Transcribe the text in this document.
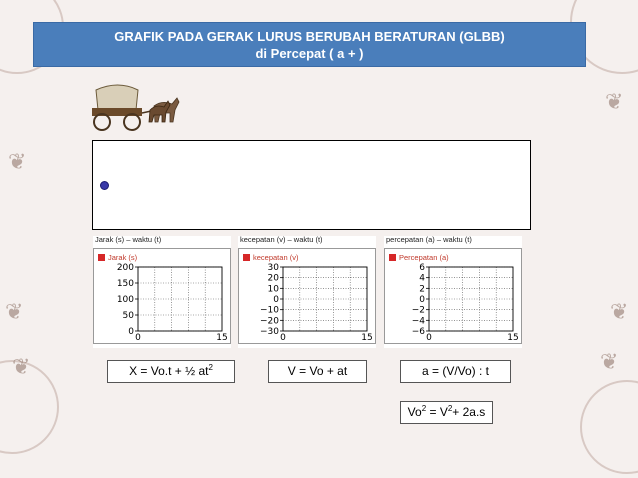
❦
❦
❦
❦
❦
❦
GRAFIK PADA GERAK LURUS BERUBAH BERATURAN (GLBB)
di Percepat ( a + )
Jarak (s) – waktu (t)
Jarak (s)
0
50
100
150
200
0	15
kecepatan (v) – waktu (t)
kecepatan (v)
−30
−20
−10
0
10
20
30
0	15
percepatan (a) – waktu (t)
Percepatan (a)
−6
−4
−2
0
2
4
6
0	15
X = Vo.t + ½ $at^2$	V = Vo + at	a = (V/Vo) : t
$Vo^2 = V^2+ 2a.s$
